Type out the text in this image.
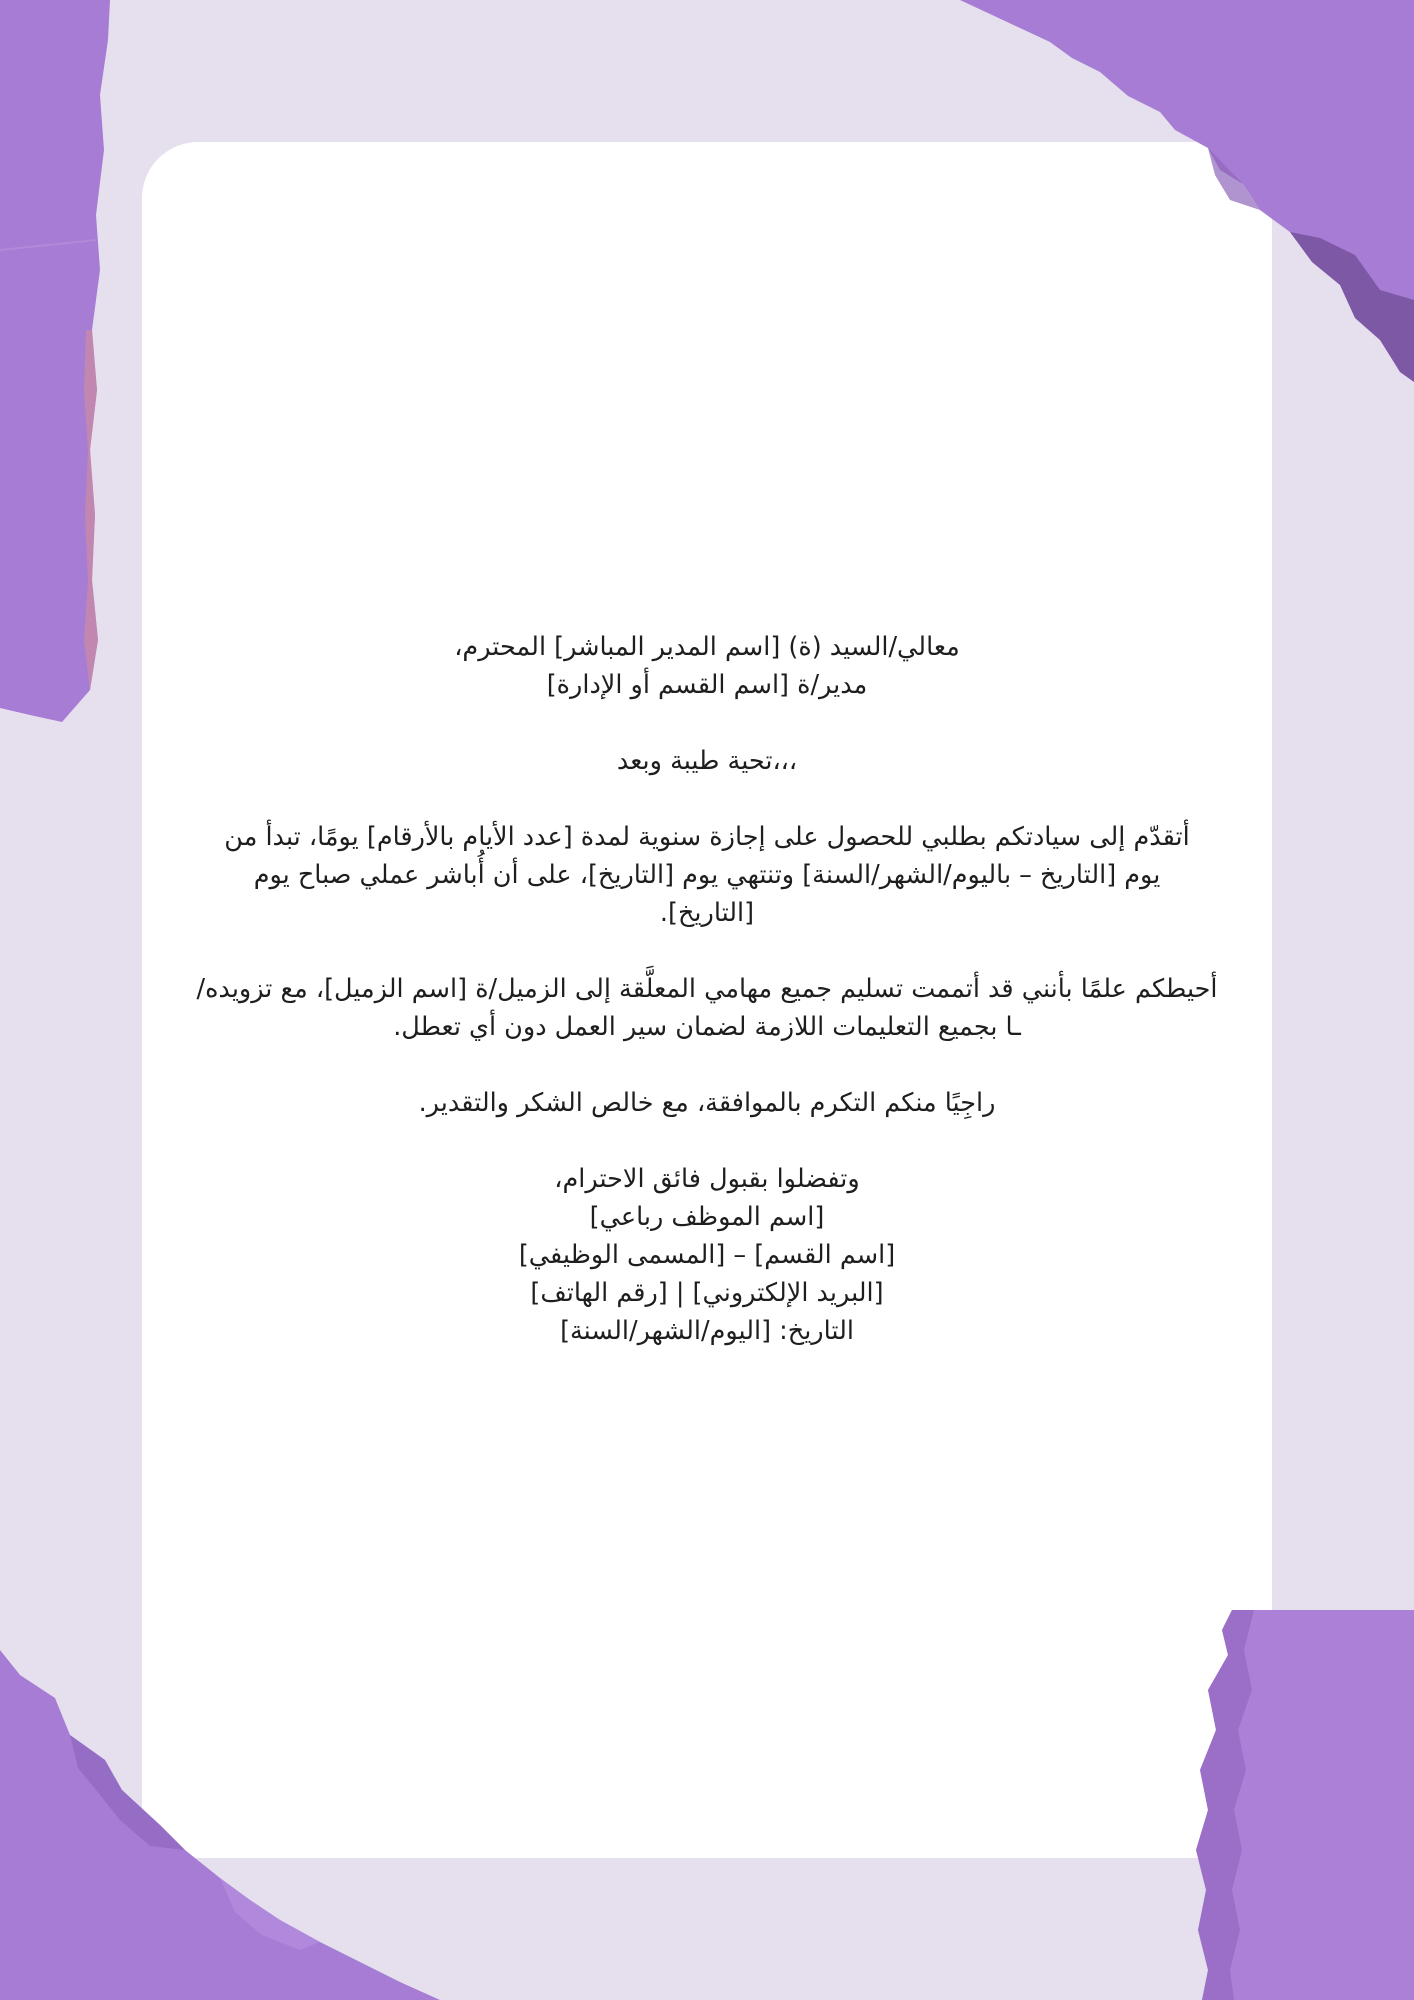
معالي/السيد (ة) [اسم المدير المباشر] المحترم،

مدير/ة [اسم القسم أو الإدارة]

،،،تحية طيبة وبعد

أتقدّم إلى سيادتكم بطلبي للحصول على إجازة سنوية لمدة [عدد الأيام بالأرقام] يومًا، تبدأ من

يوم [التاريخ – باليوم/الشهر/السنة] وتنتهي يوم [التاريخ]، على أن أُباشر عملي صباح يوم

[التاريخ].

أحيطكم علمًا بأنني قد أتممت تسليم جميع مهامي المعلَّقة إلى الزميل/ة [اسم الزميل]، مع تزويده/

ـا بجميع التعليمات اللازمة لضمان سير العمل دون أي تعطل.

راجِيًا منكم التكرم بالموافقة، مع خالص الشكر والتقدير.

وتفضلوا بقبول فائق الاحترام،

[اسم الموظف رباعي]

[اسم القسم] – [المسمى الوظيفي]

[البريد الإلكتروني] | [رقم الهاتف]

التاريخ: [اليوم/الشهر/السنة]
